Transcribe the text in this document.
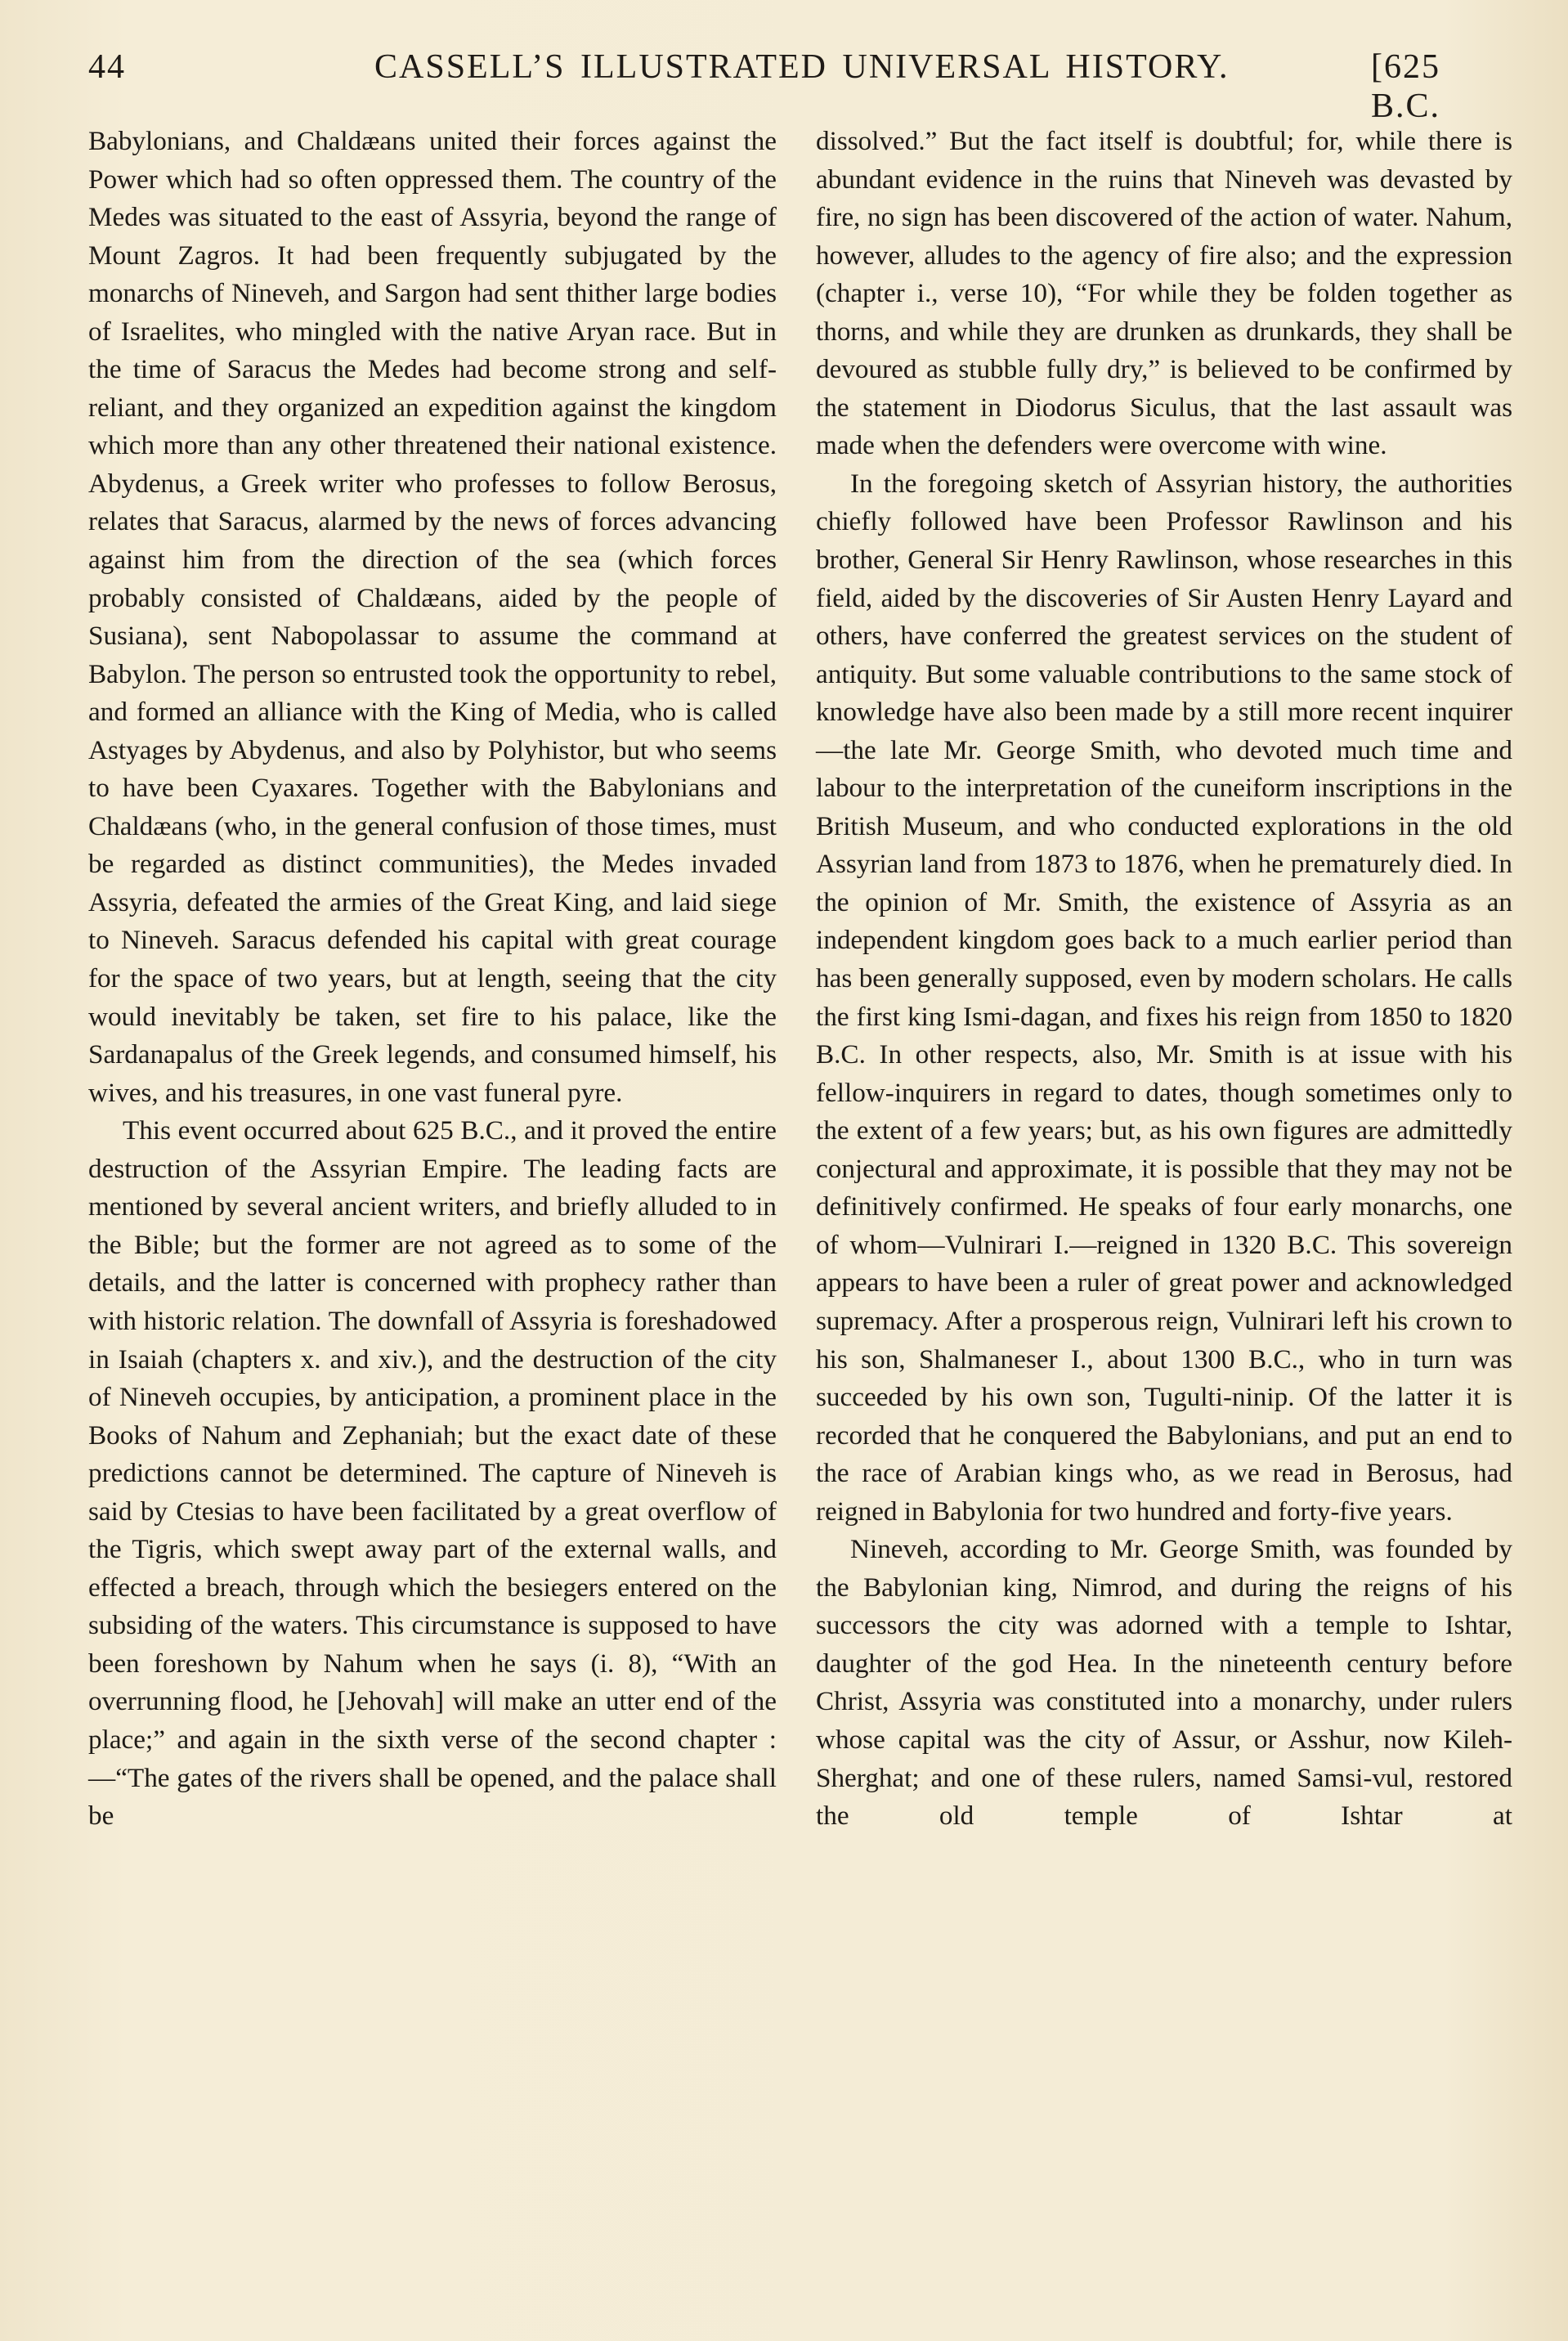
44	CASSELL’S ILLUSTRATED UNIVERSAL HISTORY.	[625 B.C.

Babylonians, and Chaldæans united their forces against the Power which had so often oppressed them. The country of the Medes was situated to the east of Assyria, beyond the range of Mount Zagros. It had been frequently subjugated by the monarchs of Nineveh, and Sargon had sent thither large bodies of Israelites, who mingled with the native Aryan race. But in the time of Saracus the Medes had become strong and self-reliant, and they organized an expedition against the kingdom which more than any other threatened their national existence. Abydenus, a Greek writer who professes to follow Berosus, relates that Saracus, alarmed by the news of forces advancing against him from the direction of the sea (which forces probably consisted of Chaldæans, aided by the people of Susiana), sent Nabopolassar to assume the command at Babylon. The person so entrusted took the opportunity to rebel, and formed an alliance with the King of Media, who is called Astyages by Abydenus, and also by Polyhistor, but who seems to have been Cyaxares. Together with the Babylonians and Chaldæans (who, in the general confusion of those times, must be regarded as distinct communities), the Medes invaded Assyria, defeated the armies of the Great King, and laid siege to Nineveh. Saracus defended his capital with great courage for the space of two years, but at length, seeing that the city would inevitably be taken, set fire to his palace, like the Sardanapalus of the Greek legends, and consumed himself, his wives, and his treasures, in one vast funeral pyre.

This event occurred about 625 B.C., and it proved the entire destruction of the Assyrian Empire. The leading facts are mentioned by several ancient writers, and briefly alluded to in the Bible; but the former are not agreed as to some of the details, and the latter is concerned with prophecy rather than with historic relation. The downfall of Assyria is foreshadowed in Isaiah (chapters x. and xiv.), and the destruction of the city of Nineveh occupies, by anticipation, a prominent place in the Books of Nahum and Zephaniah; but the exact date of these predictions cannot be determined. The capture of Nineveh is said by Ctesias to have been facilitated by a great overflow of the Tigris, which swept away part of the external walls, and effected a breach, through which the besiegers entered on the subsiding of the waters. This circumstance is supposed to have been foreshown by Nahum when he says (i. 8), “With an overrunning flood, he [Jehovah] will make an utter end of the place;” and again in the sixth verse of the second chapter :—“The gates of the rivers shall be opened, and the palace shall be

dissolved.” But the fact itself is doubtful; for, while there is abundant evidence in the ruins that Nineveh was devasted by fire, no sign has been discovered of the action of water. Nahum, however, alludes to the agency of fire also; and the expression (chapter i., verse 10), “For while they be folden together as thorns, and while they are drunken as drunkards, they shall be devoured as stubble fully dry,” is believed to be confirmed by the statement in Diodorus Siculus, that the last assault was made when the defenders were overcome with wine.

In the foregoing sketch of Assyrian history, the authorities chiefly followed have been Professor Rawlinson and his brother, General Sir Henry Rawlinson, whose researches in this field, aided by the discoveries of Sir Austen Henry Layard and others, have conferred the greatest services on the student of antiquity. But some valuable contributions to the same stock of knowledge have also been made by a still more recent inquirer—the late Mr. George Smith, who devoted much time and labour to the interpretation of the cuneiform inscriptions in the British Museum, and who conducted explorations in the old Assyrian land from 1873 to 1876, when he prematurely died. In the opinion of Mr. Smith, the existence of Assyria as an independent kingdom goes back to a much earlier period than has been generally supposed, even by modern scholars. He calls the first king Ismi-dagan, and fixes his reign from 1850 to 1820 B.C. In other respects, also, Mr. Smith is at issue with his fellow-inquirers in regard to dates, though sometimes only to the extent of a few years; but, as his own figures are admittedly conjectural and approximate, it is possible that they may not be definitively confirmed. He speaks of four early monarchs, one of whom—Vulnirari I.—reigned in 1320 B.C. This sovereign appears to have been a ruler of great power and acknowledged supremacy. After a prosperous reign, Vulnirari left his crown to his son, Shalmaneser I., about 1300 B.C., who in turn was succeeded by his own son, Tugulti-ninip. Of the latter it is recorded that he conquered the Babylonians, and put an end to the race of Arabian kings who, as we read in Berosus, had reigned in Babylonia for two hundred and forty-five years.

Nineveh, according to Mr. George Smith, was founded by the Babylonian king, Nimrod, and during the reigns of his successors the city was adorned with a temple to Ishtar, daughter of the god Hea. In the nineteenth century before Christ, Assyria was constituted into a monarchy, under rulers whose capital was the city of Assur, or Asshur, now Kileh-Sherghat; and one of these rulers, named Samsi-vul, restored the old temple of Ishtar at
